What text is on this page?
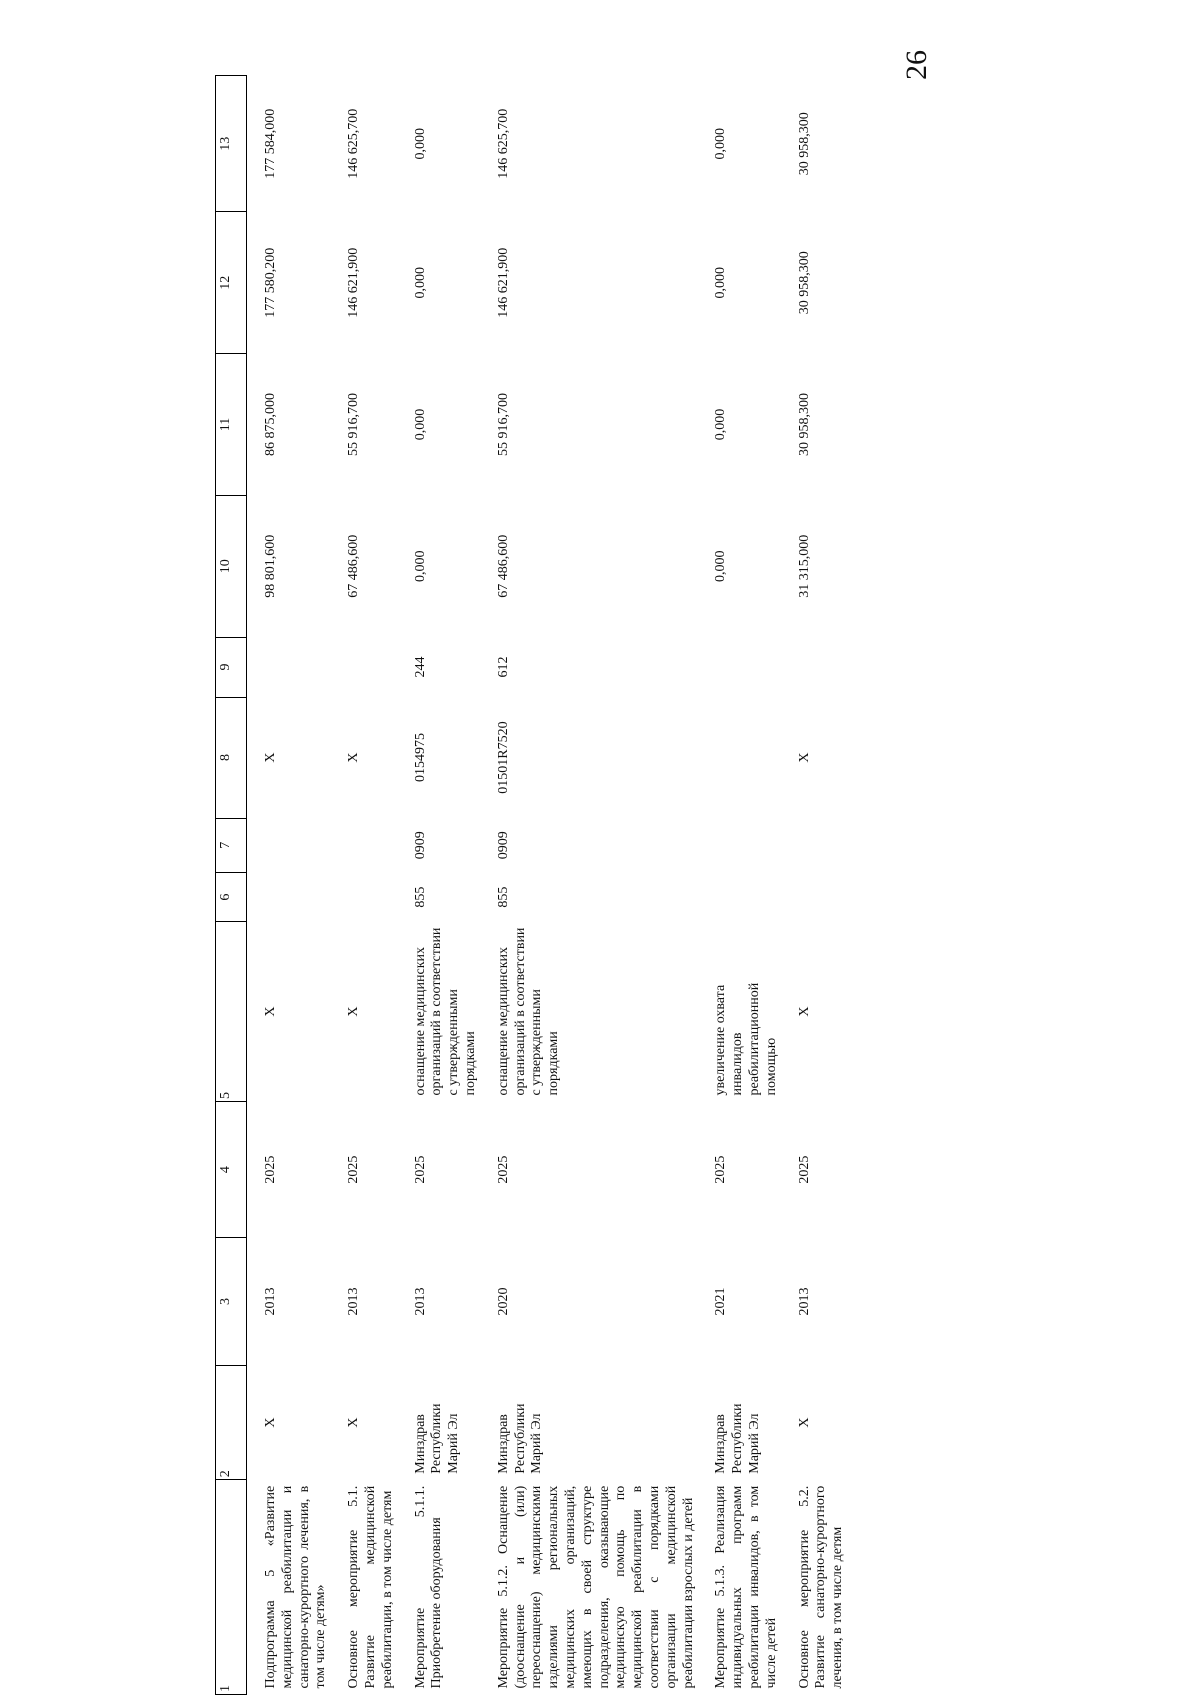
26
1	2	3	4	5	6	7	8	9	10	11	12	13
Подпрограмма 5 «Развитие медицинской реабилитации и санаторно-курортного лечения, в том числе детям»	X	2013	2025	X			X		98 801,600	86 875,000	177 580,200	177 584,000
Основное мероприятие 5.1. Развитие медицинской реабилитации, в том числе детям	X	2013	2025	X			X		67 486,600	55 916,700	146 621,900	146 625,700
Мероприятие 5.1.1. Приобретение оборудования	Минздрав Республики Марий Эл	2013	2025	оснащение медицинских организаций в соответствии с утвержденными порядками	855	0909	0154975	244	0,000	0,000	0,000	0,000
Мероприятие 5.1.2. Оснащение (дооснащение и (или) переоснащение) медицинскими изделиями региональных медицинских организаций, имеющих в своей структуре подразделения, оказывающие медицинскую помощь по медицинской реабилитации в соответствии с порядками организации медицинской реабилитации взрослых и детей	Минздрав Республики Марий Эл	2020	2025	оснащение медицинских организаций в соответствии с утвержденными порядками	855	0909	01501R7520	612	67 486,600	55 916,700	146 621,900	146 625,700
Мероприятие 5.1.3. Реализация индивидуальных программ реабилитации инвалидов, в том числе детей	Минздрав Республики Марий Эл	2021	2025	увеличение охвата инвалидов реабилитационной помощью					0,000	0,000	0,000	0,000
Основное мероприятие 5.2. Развитие санаторно-курортного лечения, в том числе детям	X	2013	2025	X			X		31 315,000	30 958,300	30 958,300	30 958,300
